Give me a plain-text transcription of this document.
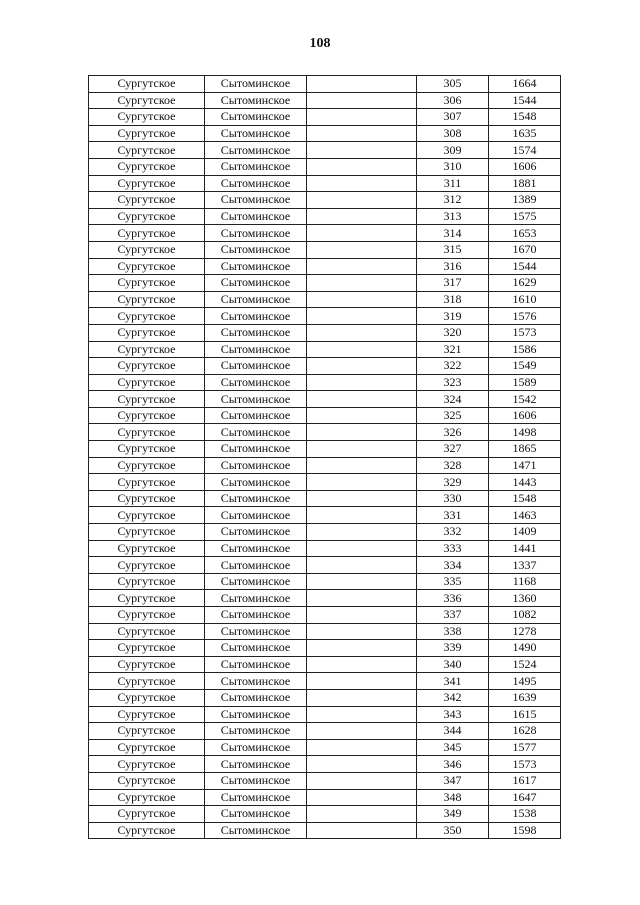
108
Сургутское	Сытоминское		305	1664
Сургутское	Сытоминское		306	1544
Сургутское	Сытоминское		307	1548
Сургутское	Сытоминское		308	1635
Сургутское	Сытоминское		309	1574
Сургутское	Сытоминское		310	1606
Сургутское	Сытоминское		311	1881
Сургутское	Сытоминское		312	1389
Сургутское	Сытоминское		313	1575
Сургутское	Сытоминское		314	1653
Сургутское	Сытоминское		315	1670
Сургутское	Сытоминское		316	1544
Сургутское	Сытоминское		317	1629
Сургутское	Сытоминское		318	1610
Сургутское	Сытоминское		319	1576
Сургутское	Сытоминское		320	1573
Сургутское	Сытоминское		321	1586
Сургутское	Сытоминское		322	1549
Сургутское	Сытоминское		323	1589
Сургутское	Сытоминское		324	1542
Сургутское	Сытоминское		325	1606
Сургутское	Сытоминское		326	1498
Сургутское	Сытоминское		327	1865
Сургутское	Сытоминское		328	1471
Сургутское	Сытоминское		329	1443
Сургутское	Сытоминское		330	1548
Сургутское	Сытоминское		331	1463
Сургутское	Сытоминское		332	1409
Сургутское	Сытоминское		333	1441
Сургутское	Сытоминское		334	1337
Сургутское	Сытоминское		335	1168
Сургутское	Сытоминское		336	1360
Сургутское	Сытоминское		337	1082
Сургутское	Сытоминское		338	1278
Сургутское	Сытоминское		339	1490
Сургутское	Сытоминское		340	1524
Сургутское	Сытоминское		341	1495
Сургутское	Сытоминское		342	1639
Сургутское	Сытоминское		343	1615
Сургутское	Сытоминское		344	1628
Сургутское	Сытоминское		345	1577
Сургутское	Сытоминское		346	1573
Сургутское	Сытоминское		347	1617
Сургутское	Сытоминское		348	1647
Сургутское	Сытоминское		349	1538
Сургутское	Сытоминское		350	1598
